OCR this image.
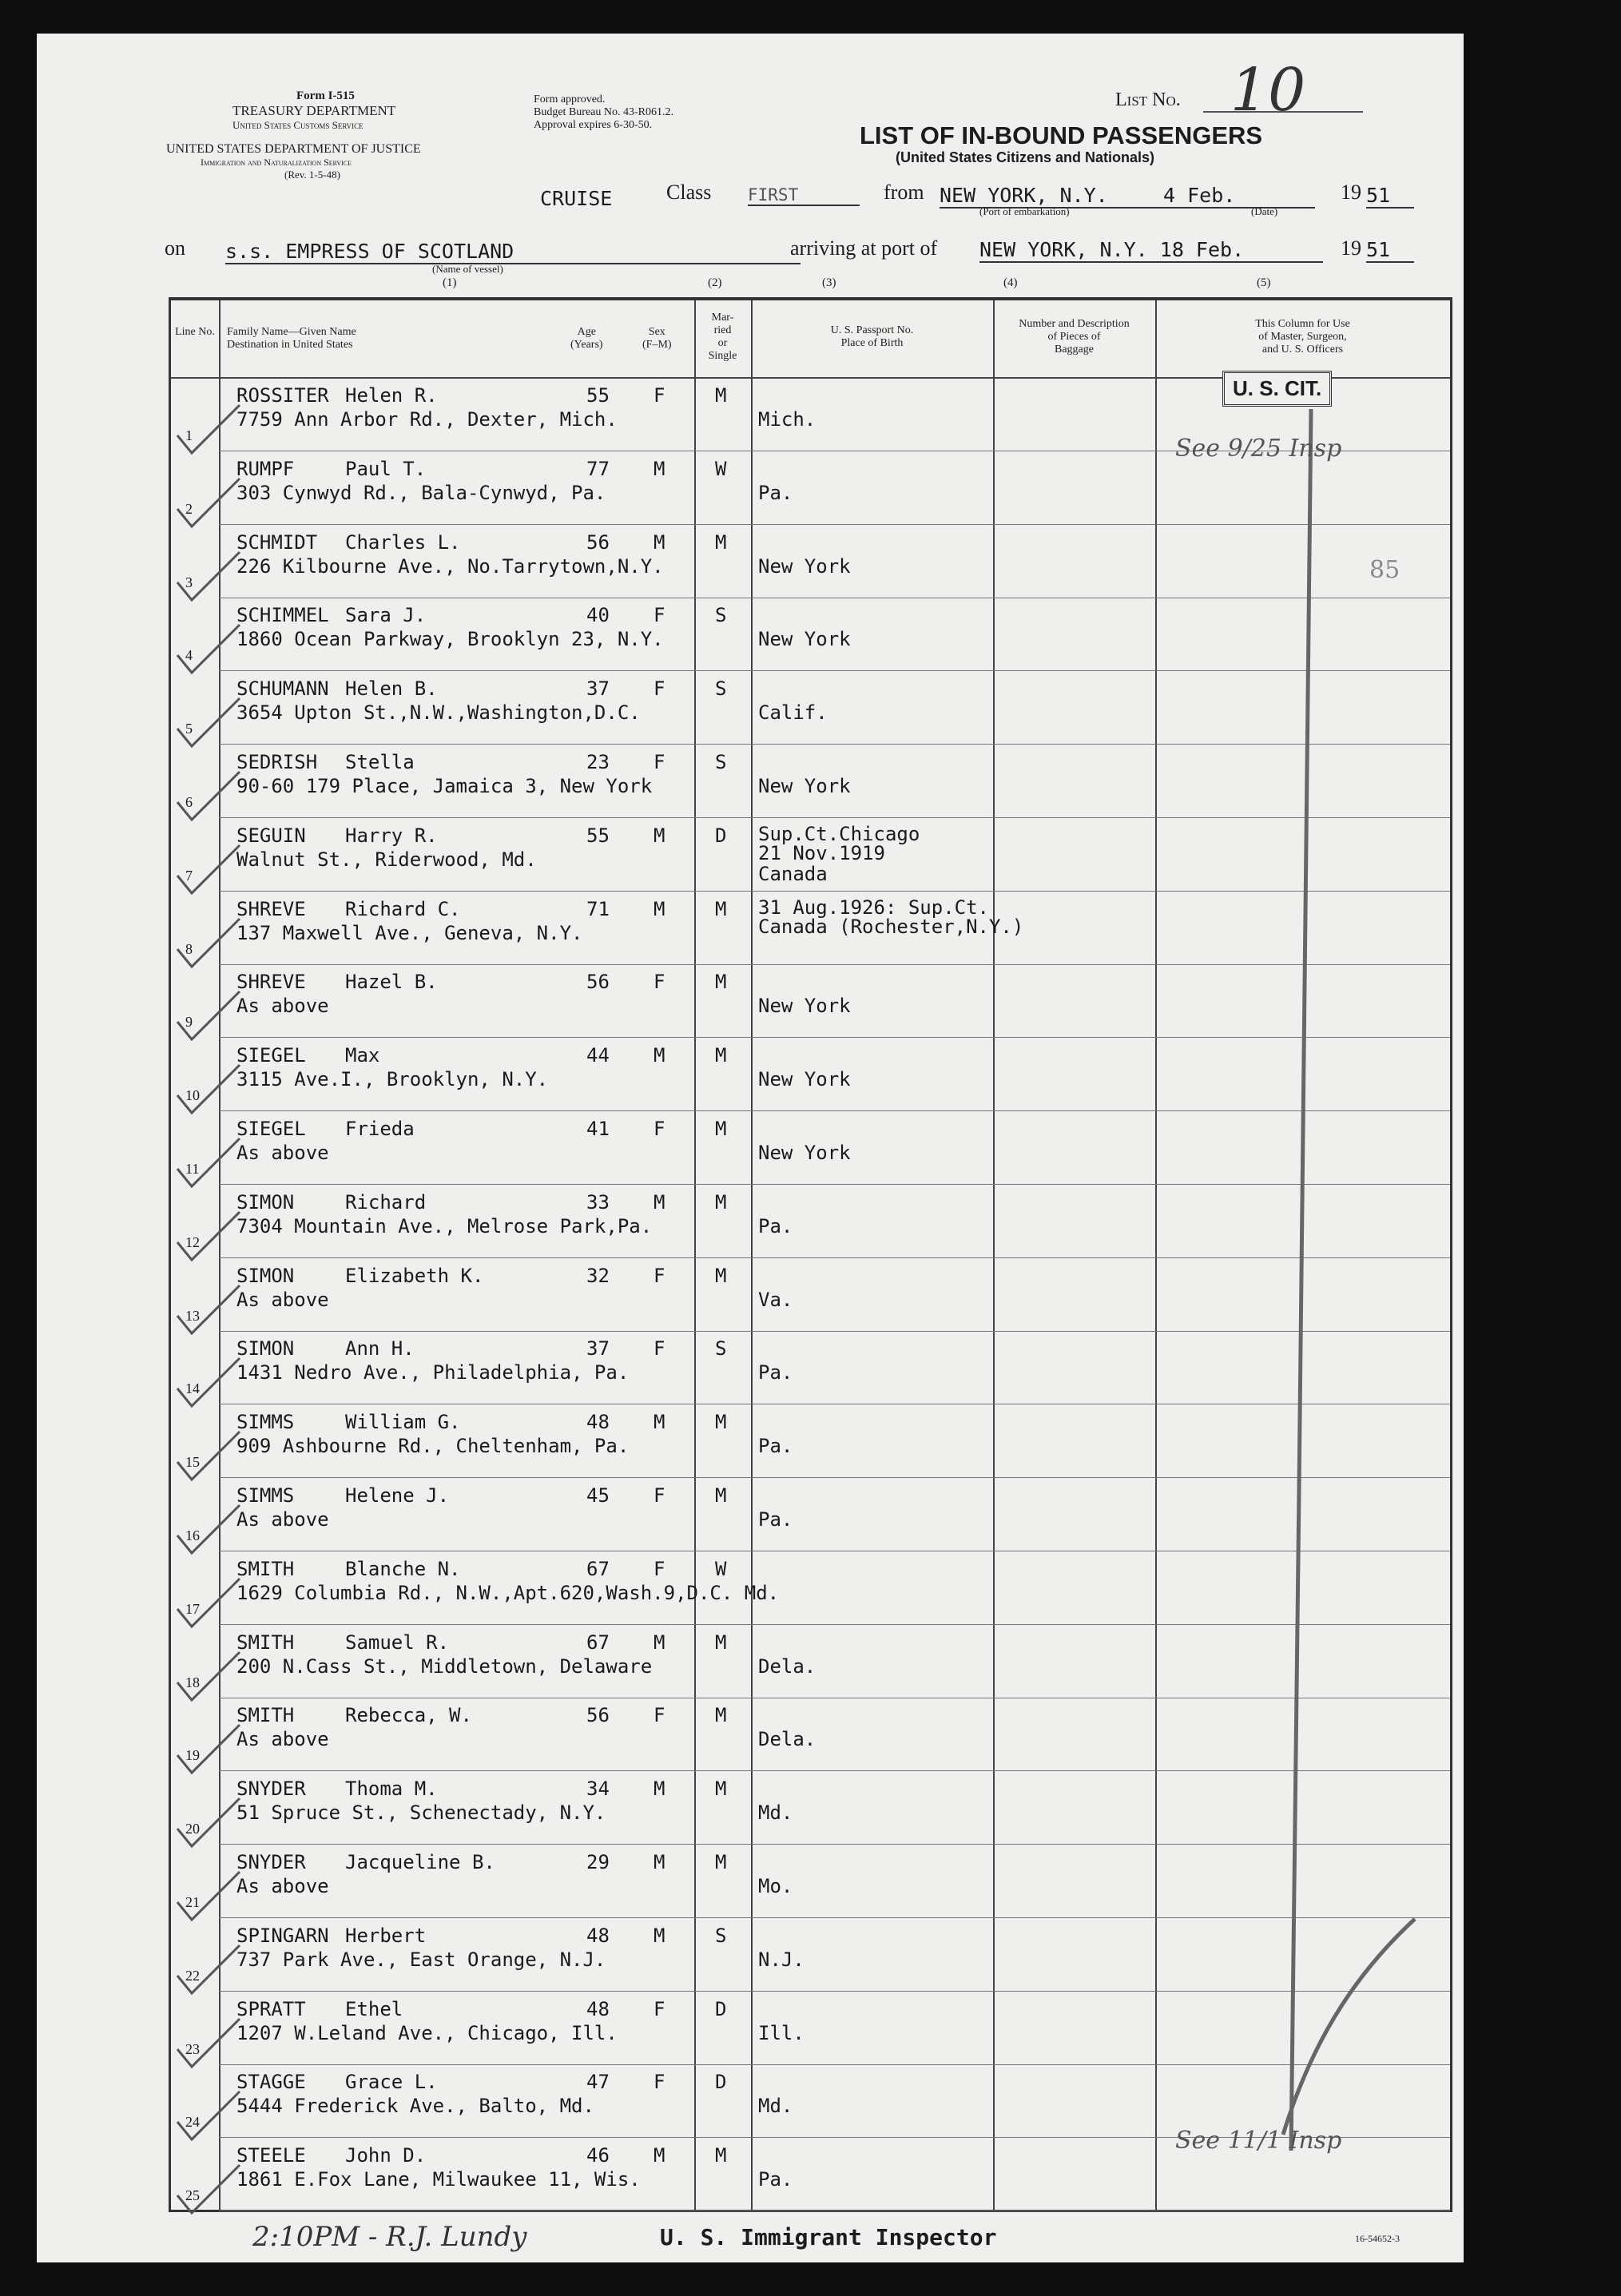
Form I-515
TREASURY DEPARTMENT
United States Customs Service
UNITED STATES DEPARTMENT OF JUSTICE
Immigration and Naturalization Service
(Rev. 1-5-48)
Form approved.
Budget Bureau No. 43-R061.2.
Approval expires 6-30-50.
List No. 10
LIST OF IN-BOUND PASSENGERS
(United States Citizens and Nationals)
CRUISE	Class FIRST	from NEW YORK, N.Y.	4 Feb.	19 51
(Port of embarkation)	(Date)
on s.s. EMPRESS OF SCOTLAND
(Name of vessel)
arriving at port of NEW YORK, N.Y. 18 Feb.	19 51
(1)	(2)	(3)	(4)	(5)
Line No.	Family Name—Given Name
Destination in United States
Age
(Years)
Sex
(F–M)
Mar-
ried
or
Single
U. S. Passport No.
Place of Birth
Number and Description
of Pieces of
Baggage
This Column for Use
of Master, Surgeon,
and U. S. Officers
1
ROSSITER Helen R.	55 F	M
7759 Ann Arbor Rd., Dexter, Mich.	Mich.
2
RUMPF	Paul T.	77 M	W
303 Cynwyd Rd., Bala-Cynwyd, Pa.	Pa.
3
SCHMIDT Charles L.	56 M	M
226 Kilbourne Ave., No.Tarrytown,N.Y.	New York
4
SCHIMMEL Sara J.	40 F	S
1860 Ocean Parkway, Brooklyn 23, N.Y.	New York
5
SCHUMANN Helen B.	37 F	S
3654 Upton St.,N.W.,Washington,D.C.	Calif.
6
SEDRISH Stella	23 F	S
90-60 179 Place, Jamaica 3, New York	New York
7
SEGUIN Harry R.	55 M	D
Walnut St., Riderwood, Md.
Sup.Ct.Chicago
21 Nov.1919
Canada
8
SHREVE Richard C.	71 M	M
137 Maxwell Ave., Geneva, N.Y.
31 Aug.1926: Sup.Ct.
Canada (Rochester,N.Y.)
9
SHREVE Hazel B.	56 F	M
As above	New York
10
SIEGEL Max	44 M	M
3115 Ave.I., Brooklyn, N.Y.	New York
11
SIEGEL Frieda	41 F	M
As above	New York
12
SIMON	Richard	33 M	M
7304 Mountain Ave., Melrose Park,Pa.	Pa.
13
SIMON	Elizabeth K.	32 F	M
As above	Va.
14
SIMON	Ann H.	37 F	S
1431 Nedro Ave., Philadelphia, Pa.	Pa.
15
SIMMS	William G.	48 M	M
909 Ashbourne Rd., Cheltenham, Pa.	Pa.
16
SIMMS	Helene J.	45 F	M
As above	Pa.
17
SMITH	Blanche N.	67 F	W
1629 Columbia Rd., N.W.,Apt.620,Wash.9,D.C. Md.
18
SMITH	Samuel R.	67 M	M
200 N.Cass St., Middletown, Delaware	Dela.
19
SMITH	Rebecca, W.	56 F	M
As above	Dela.
20
SNYDER Thoma M.	34 M	M
51 Spruce St., Schenectady, N.Y.	Md.
21
SNYDER Jacqueline B.	29 M	M
As above	Mo.
22
SPINGARN Herbert	48 M	S
737 Park Ave., East Orange, N.J.	N.J.
23
SPRATT Ethel	48 F	D
1207 W.Leland Ave., Chicago, Ill.	Ill.
24
STAGGE Grace L.	47 F	D
5444 Frederick Ave., Balto, Md.	Md.
25
STEELE John D.	46 M	M
1861 E.Fox Lane, Milwaukee 11, Wis.	Pa.
U. S. CIT.
See 9/25 Insp
See 11/1 Insp
85
2:10PM - R.J. Lundy	U. S. Immigrant Inspector	16-54652-3
